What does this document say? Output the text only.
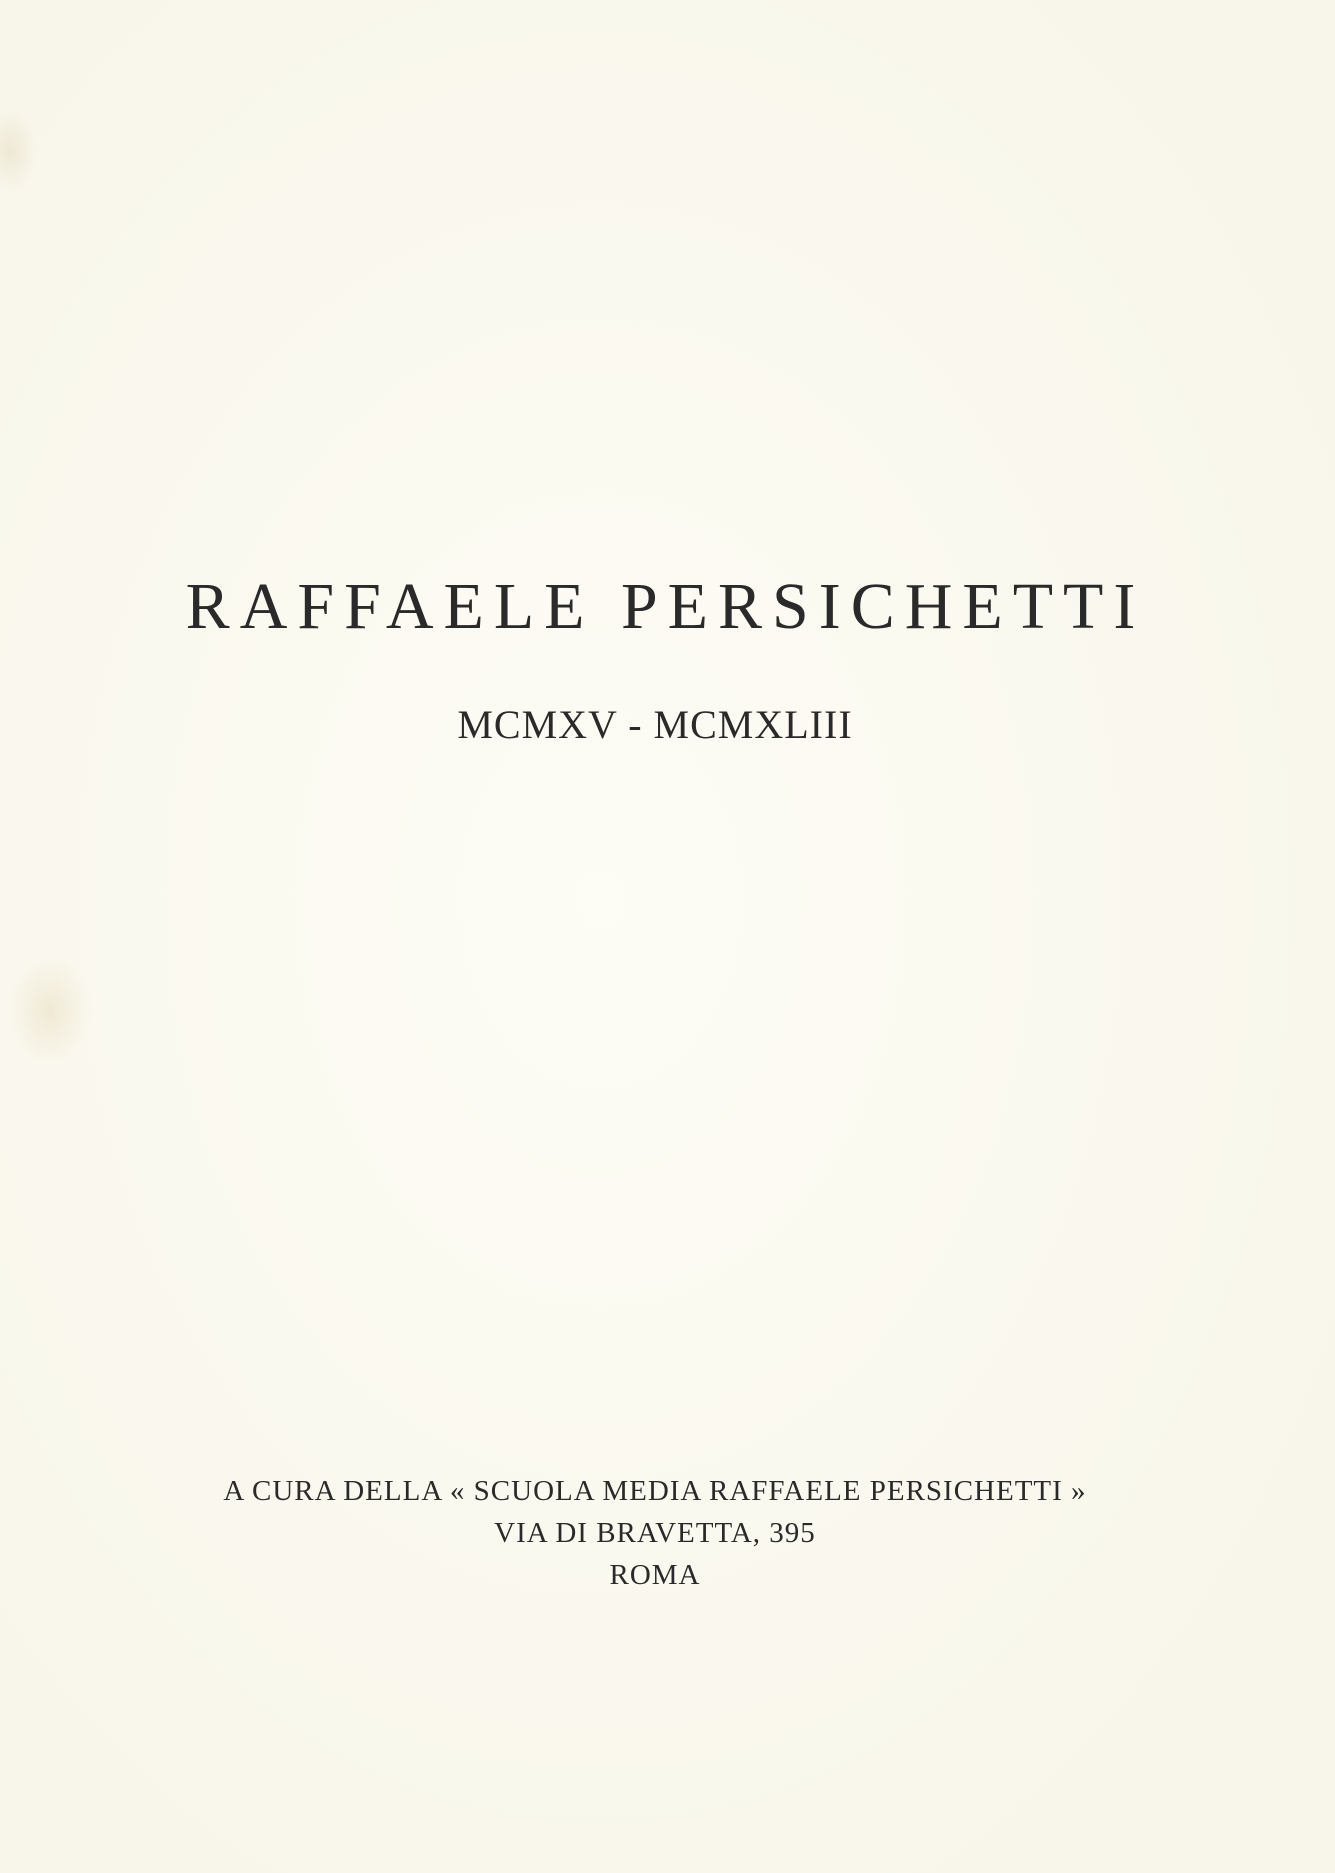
RAFFAELE PERSICHETTI
MCMXV - MCMXLIII
A CURA DELLA « SCUOLA MEDIA RAFFAELE PERSICHETTI »
VIA DI BRAVETTA, 395
ROMA
